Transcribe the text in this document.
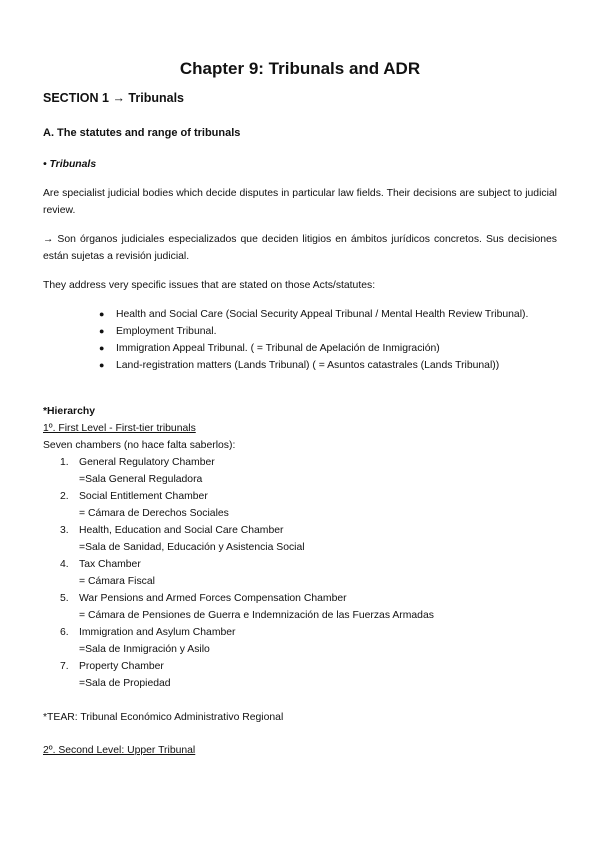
Chapter 9: Tribunals and ADR
SECTION 1 → Tribunals
A. The statutes and range of tribunals
• Tribunals
Are specialist judicial bodies which decide disputes in particular law fields. Their decisions are subject to judicial review.
→ Son órganos judiciales especializados que deciden litigios en ámbitos jurídicos concretos. Sus decisiones están sujetas a revisión judicial.
They address very specific issues that are stated on those Acts/statutes:
● Health and Social Care (Social Security Appeal Tribunal / Mental Health Review Tribunal).
● Employment Tribunal.
● Immigration Appeal Tribunal. ( = Tribunal de Apelación de Inmigración)
● Land-registration matters (Lands Tribunal) ( = Asuntos catastrales (Lands Tribunal))
*Hierarchy
1º. First Level - First-tier tribunals
Seven chambers (no hace falta saberlos):
1. General Regulatory Chamber
=Sala General Reguladora
2. Social Entitlement Chamber
= Cámara de Derechos Sociales
3. Health, Education and Social Care Chamber
=Sala de Sanidad, Educación y Asistencia Social
4. Tax Chamber
= Cámara Fiscal
5. War Pensions and Armed Forces Compensation Chamber
= Cámara de Pensiones de Guerra e Indemnización de las Fuerzas Armadas
6. Immigration and Asylum Chamber
=Sala de Inmigración y Asilo
7. Property Chamber
=Sala de Propiedad
*TEAR: Tribunal Económico Administrativo Regional
2º. Second Level: Upper Tribunal
